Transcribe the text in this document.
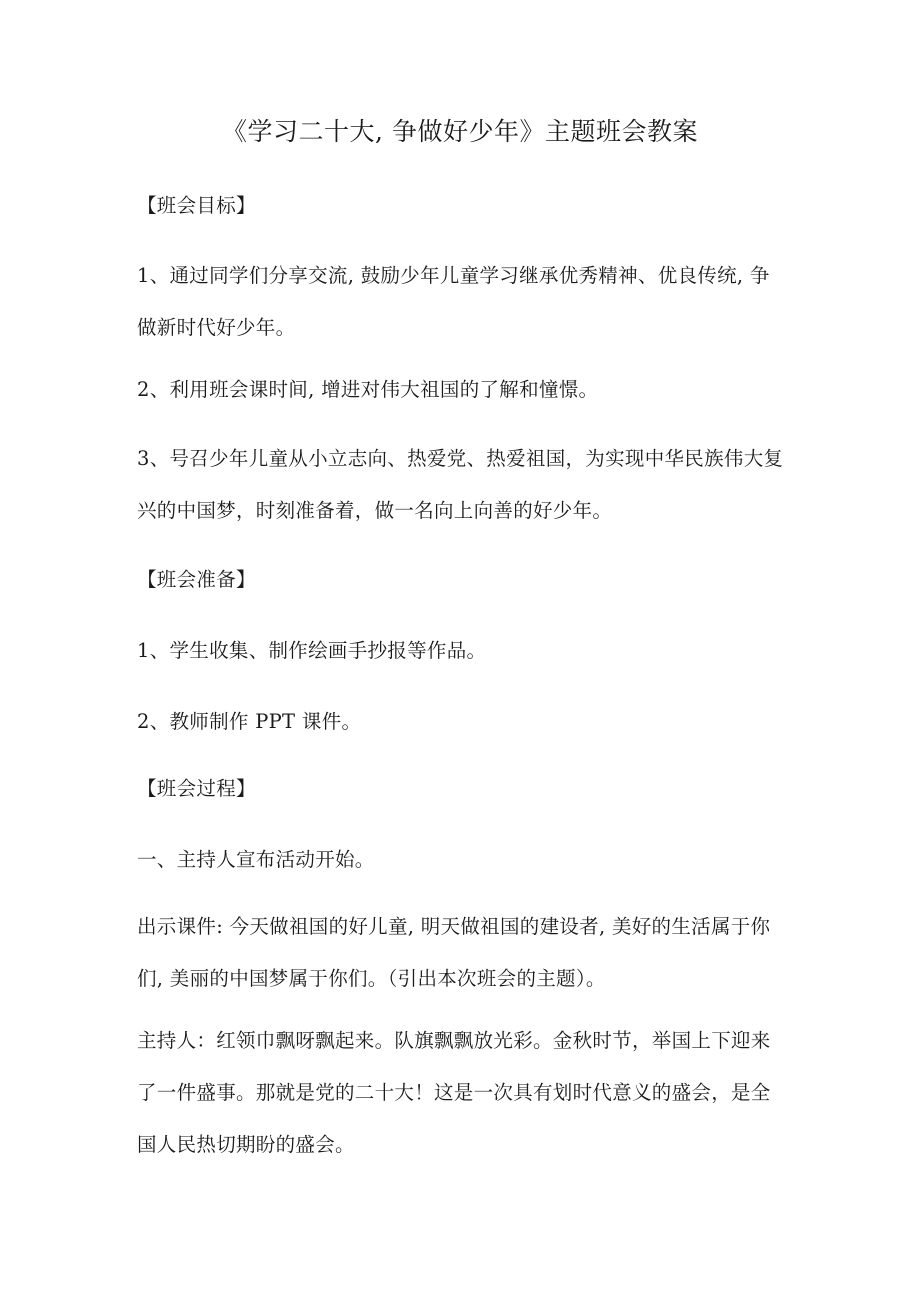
《学习二十大, 争做好少年》主题班会教案

【班会目标】

1、通过同学们分享交流, 鼓励少年儿童学习继承优秀精神、优良传统, 争做新时代好少年。

2、利用班会课时间, 增进对伟大祖国的了解和憧憬。

3、号召少年儿童从小立志向、热爱党、热爱祖国，为实现中华民族伟大复兴的中国梦，时刻准备着，做一名向上向善的好少年。

【班会准备】

1、学生收集、制作绘画手抄报等作品。

2、教师制作 PPT 课件。

【班会过程】

一、主持人宣布活动开始。

出示课件: 今天做祖国的好儿童, 明天做祖国的建设者, 美好的生活属于你们, 美丽的中国梦属于你们。（引出本次班会的主题）。

主持人：红领巾飘呀飘起来。队旗飘飘放光彩。金秋时节，举国上下迎来了一件盛事。那就是党的二十大！这是一次具有划时代意义的盛会，是全国人民热切期盼的盛会。
